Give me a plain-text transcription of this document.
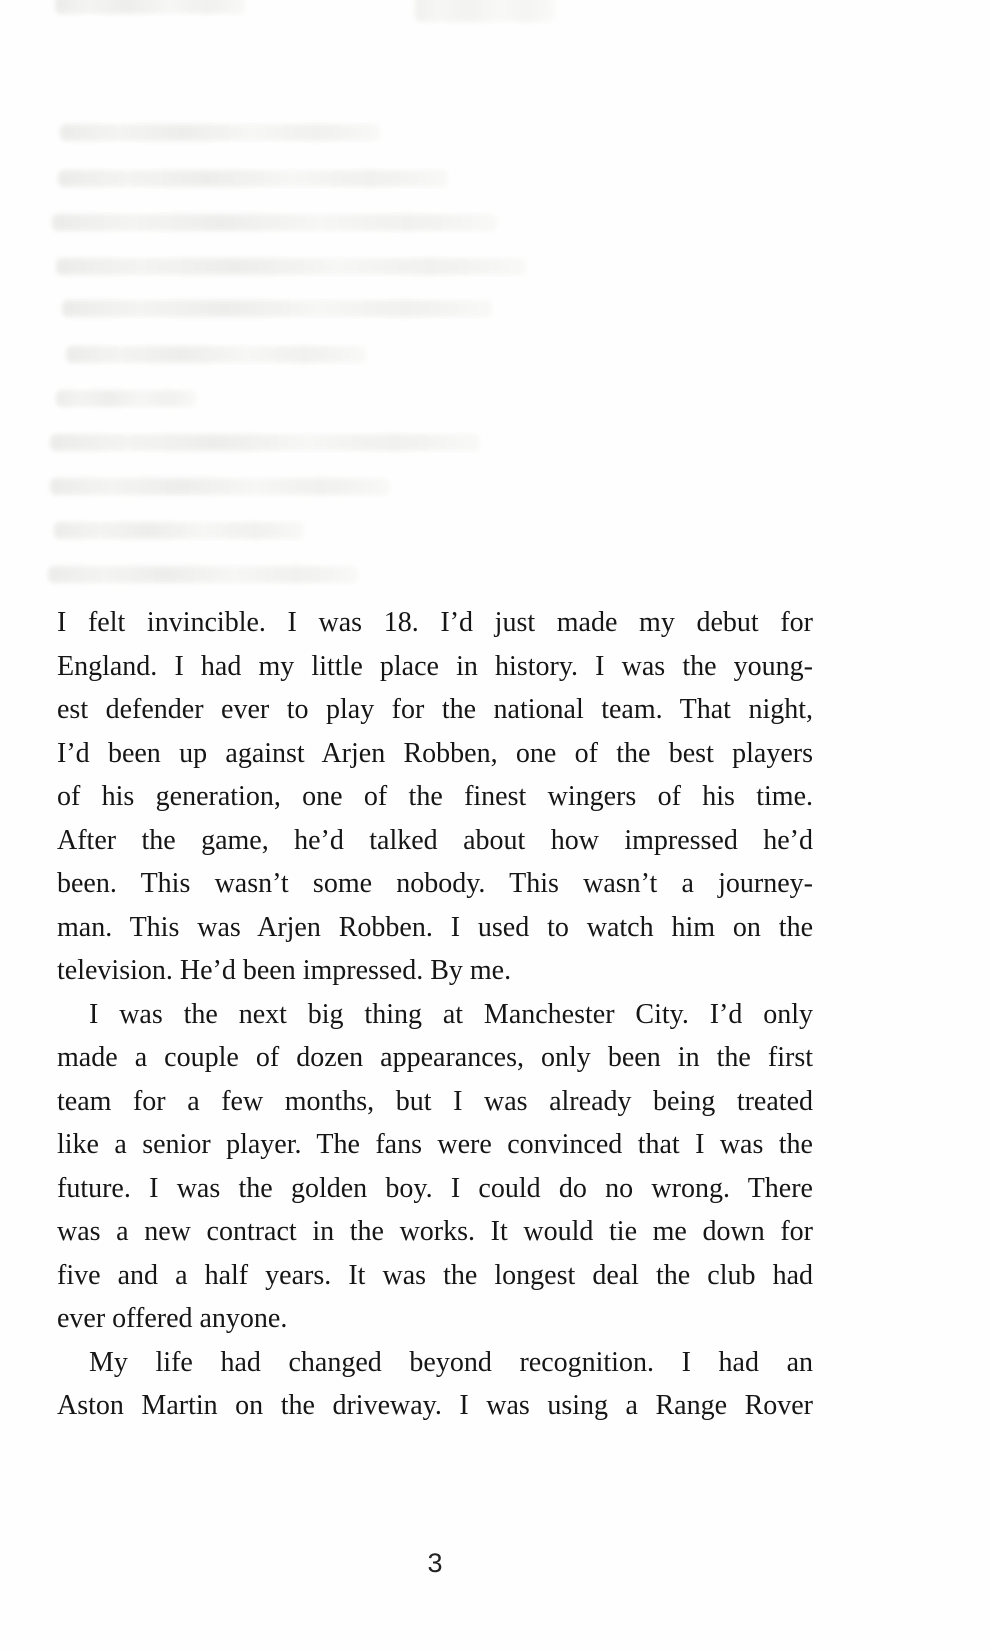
I felt invincible. I was 18. I’d just made my debut for

England. I had my little place in history. I was the young-

est defender ever to play for the national team. That night,

I’d been up against Arjen Robben, one of the best players

of his generation, one of the finest wingers of his time.

After the game, he’d talked about how impressed he’d

been. This wasn’t some nobody. This wasn’t a journey-

man. This was Arjen Robben. I used to watch him on the

television. He’d been impressed. By me.

I was the next big thing at Manchester City. I’d only

made a couple of dozen appearances, only been in the first

team for a few months, but I was already being treated

like a senior player. The fans were convinced that I was the

future. I was the golden boy. I could do no wrong. There

was a new contract in the works. It would tie me down for

five and a half years. It was the longest deal the club had

ever offered anyone.

My life had changed beyond recognition. I had an

Aston Martin on the driveway. I was using a Range Rover

3
